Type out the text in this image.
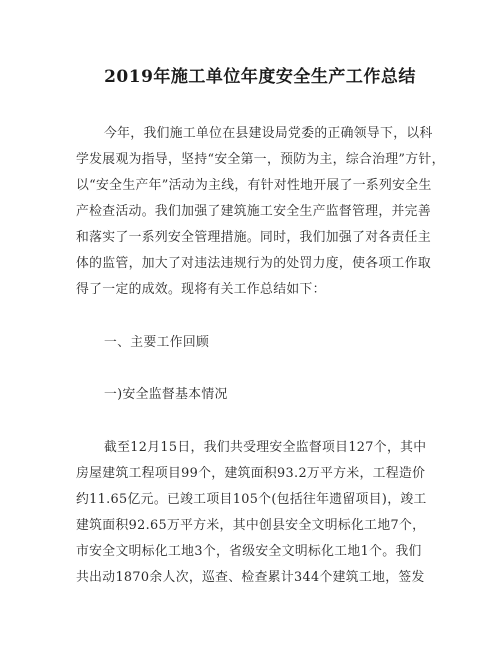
2019年施工单位年度安全生产工作总结
今年，我们施工单位在县建设局党委的正确领导下，以科
学发展观为指导，坚持“安全第一，预防为主，综合治理”方针，
以“安全生产年”活动为主线，有针对性地开展了一系列安全生
产检查活动。我们加强了建筑施工安全生产监督管理，并完善
和落实了一系列安全管理措施。同时，我们加强了对各责任主
体的监管，加大了对违法违规行为的处罚力度，使各项工作取
得了一定的成效。现将有关工作总结如下：
一、主要工作回顾
一)安全监督基本情况
截至12月15日，我们共受理安全监督项目127个，其中
房屋建筑工程项目99个，建筑面积93.2万平方米，工程造价
约11.65亿元。已竣工项目105个(包括往年遗留项目)，竣工
建筑面积92.65万平方米，其中创县安全文明标化工地7个，
市安全文明标化工地3个，省级安全文明标化工地1个。我们
共出动1870余人次，巡查、检查累计344个建筑工地，签发
